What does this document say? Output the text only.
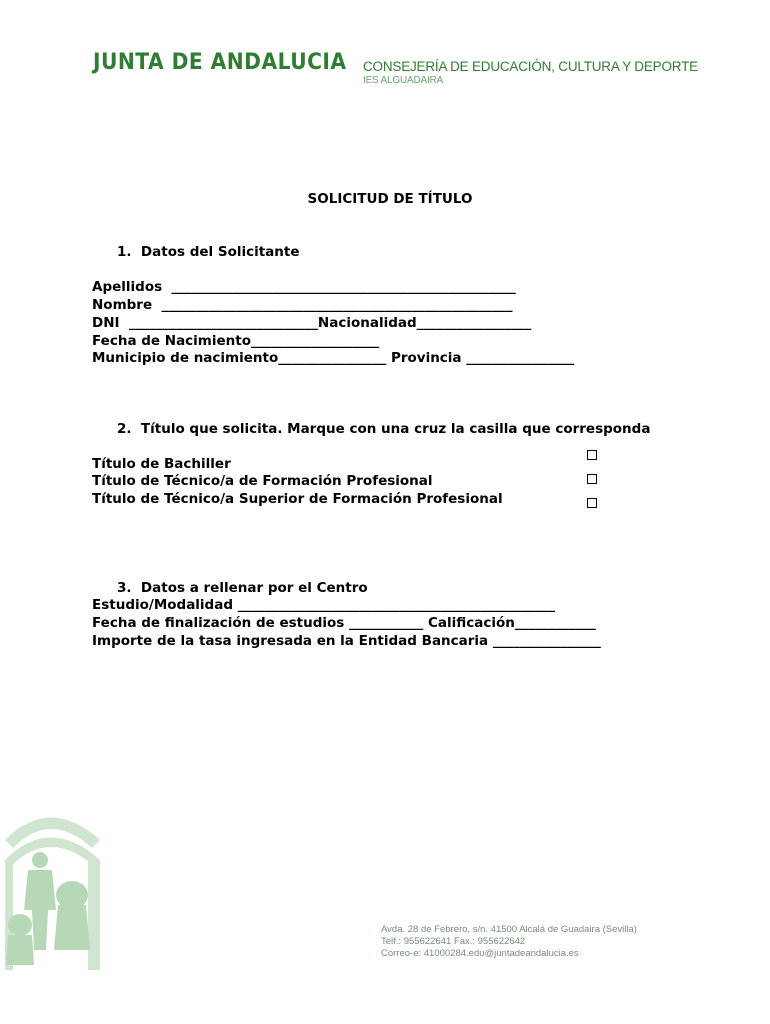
JUNTA DE ANDALUCIA CONSEJERÍA DE EDUCACIÓN, CULTURA Y DEPORTE
IES ALGUADAIRA
SOLICITUD DE TÍTULO
1.  Datos del Solicitante
Apellidos  ___________________________________________________
Nombre  ____________________________________________________
DNI  ____________________________Nacionalidad_________________
Fecha de Nacimiento___________________
Municipio de nacimiento________________ Provincia ________________
2.  Título que solicita. Marque con una cruz la casilla que corresponda
Título de Bachiller
Título de Técnico/a de Formación Profesional
Título de Técnico/a Superior de Formación Profesional
3.  Datos a rellenar por el Centro
Estudio/Modalidad _______________________________________________
Fecha de finalización de estudios ___________ Calificación____________
Importe de la tasa ingresada en la Entidad Bancaria ________________
Avda. 28 de Febrero, s/n. 41500 Alcalá de Guadaira (Sevilla)
Telf.: 955622641 Fax.: 955622642
Correo-e: 41000284.edu@juntadeandalucia.es
